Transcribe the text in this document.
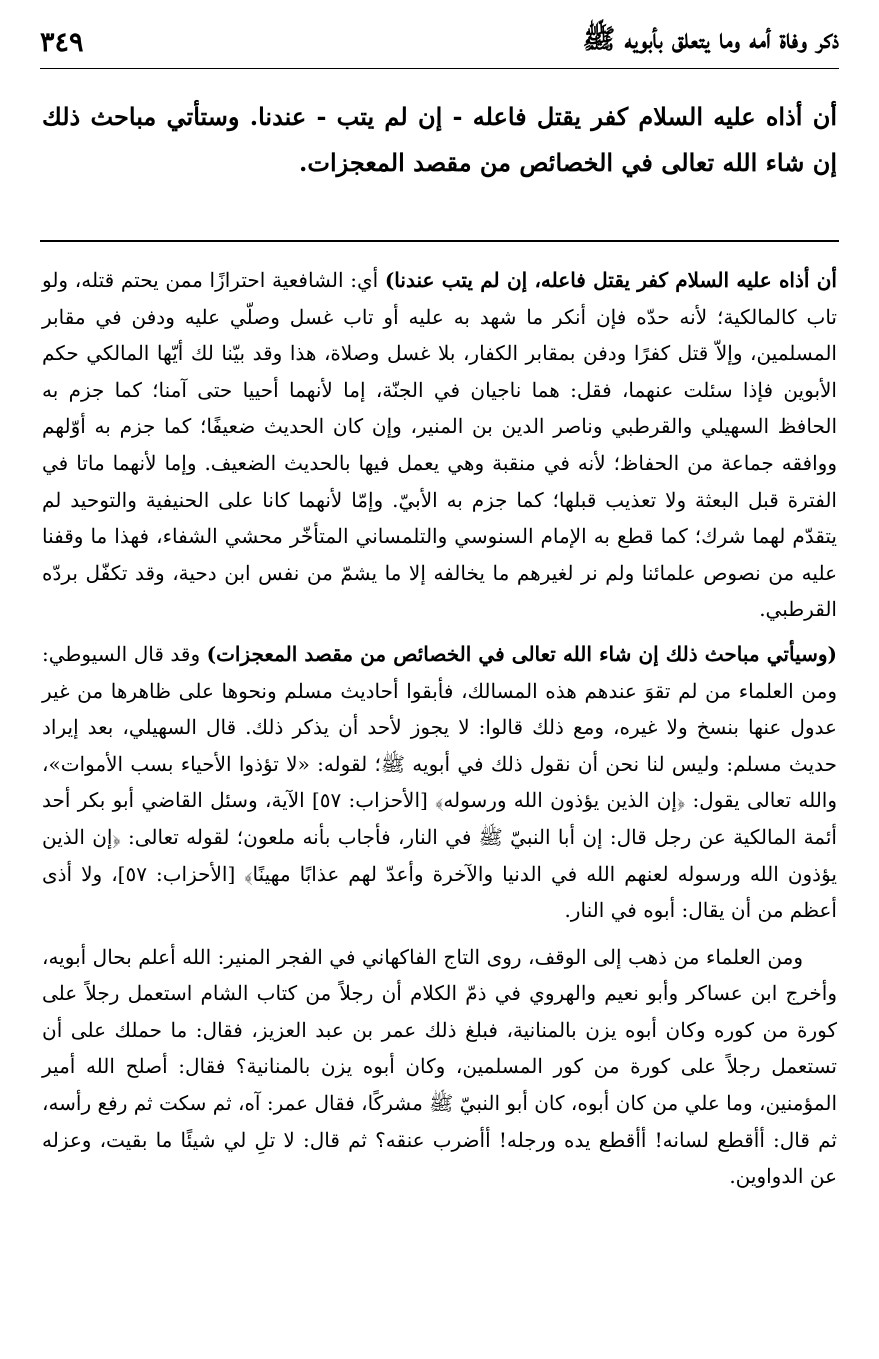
ذكر وفاة أمه وما يتعلق بأبويه ﷺ
٣٤٩
أن أذاه عليه السلام كفر يقتل فاعله - إن لم يتب - عندنا. وستأتي مباحث ذلك إن شاء الله تعالى في الخصائص من مقصد المعجزات.

أن أذاه عليه السلام كفر يقتل فاعله، إن لم يتب عندنا) أي: الشافعية احترازًا ممن يحتم قتله، ولو تاب كالمالكية؛ لأنه حدّه فإن أنكر ما شهد به عليه أو تاب غسل وصلّي عليه ودفن في مقابر المسلمين، وإلاّ قتل كفرًا ودفن بمقابر الكفار، بلا غسل وصلاة، هذا وقد بيّنا لك أيّها المالكي حكم الأبوين فإذا سئلت عنهما، فقل: هما ناجيان في الجنّة، إما لأنهما أحييا حتى آمنا؛ كما جزم به الحافظ السهيلي والقرطبي وناصر الدين بن المنير، وإن كان الحديث ضعيفًا؛ كما جزم به أوّلهم ووافقه جماعة من الحفاظ؛ لأنه في منقبة وهي يعمل فيها بالحديث الضعيف. وإما لأنهما ماتا في الفترة قبل البعثة ولا تعذيب قبلها؛ كما جزم به الأبيّ. وإمّا لأنهما كانا على الحنيفية والتوحيد لم يتقدّم لهما شرك؛ كما قطع به الإمام السنوسي والتلمساني المتأخّر محشي الشفاء، فهذا ما وقفنا عليه من نصوص علمائنا ولم نر لغيرهم ما يخالفه إلا ما يشمّ من نفس ابن دحية، وقد تكفّل بردّه القرطبي.

(وسيأتي مباحث ذلك إن شاء الله تعالى في الخصائص من مقصد المعجزات) وقد قال السيوطي: ومن العلماء من لم تقوَ عندهم هذه المسالك، فأبقوا أحاديث مسلم ونحوها على ظاهرها من غير عدول عنها بنسخ ولا غيره، ومع ذلك قالوا: لا يجوز لأحد أن يذكر ذلك. قال السهيلي، بعد إيراد حديث مسلم: وليس لنا نحن أن نقول ذلك في أبويه ﷺ؛ لقوله: «لا تؤذوا الأحياء بسب الأموات»، والله تعالى يقول: ﴿إن الذين يؤذون الله ورسوله﴾ [الأحزاب: ٥٧] الآية، وسئل القاضي أبو بكر أحد أئمة المالكية عن رجل قال: إن أبا النبيّ ﷺ في النار، فأجاب بأنه ملعون؛ لقوله تعالى: ﴿إن الذين يؤذون الله ورسوله لعنهم الله في الدنيا والآخرة وأعدّ لهم عذابًا مهينًا﴾ [الأحزاب: ٥٧]، ولا أذى أعظم من أن يقال: أبوه في النار.

ومن العلماء من ذهب إلى الوقف، روى التاج الفاكهاني في الفجر المنير: الله أعلم بحال أبويه، وأخرج ابن عساكر وأبو نعيم والهروي في ذمّ الكلام أن رجلاً من كتاب الشام استعمل رجلاً على كورة من كوره وكان أبوه يزن بالمنانية، فبلغ ذلك عمر بن عبد العزيز، فقال: ما حملك على أن تستعمل رجلاً على كورة من كور المسلمين، وكان أبوه يزن بالمنانية؟ فقال: أصلح الله أمير المؤمنين، وما علي من كان أبوه، كان أبو النبيّ ﷺ مشركًا، فقال عمر: آه، ثم سكت ثم رفع رأسه، ثم قال: أأقطع لسانه! أأقطع يده ورجله! أأضرب عنقه؟ ثم قال: لا تلِ لي شيئًا ما بقيت، وعزله عن الدواوين.
